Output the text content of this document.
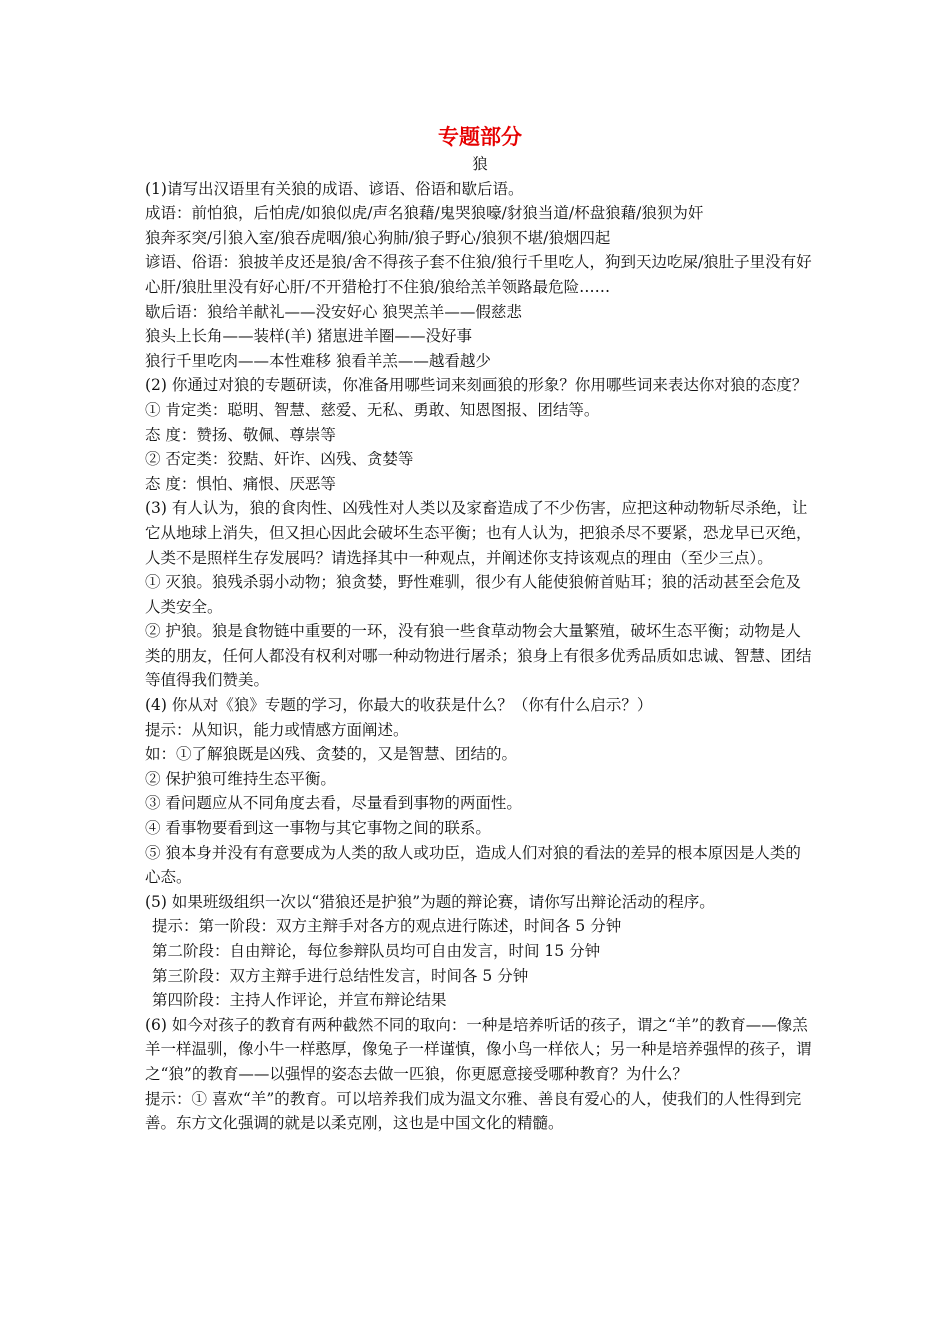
专题部分

狼

(1)请写出汉语里有关狼的成语、谚语、俗语和歇后语。

成语：前怕狼，后怕虎/如狼似虎/声名狼藉/鬼哭狼嚎/豺狼当道/杯盘狼藉/狼狈为奸

狼奔豕突/引狼入室/狼吞虎咽/狼心狗肺/狼子野心/狼狈不堪/狼烟四起

谚语、俗语：狼披羊皮还是狼/舍不得孩子套不住狼/狼行千里吃人，狗到天边吃屎/狼肚子里没有好心肝/狼肚里没有好心肝/不开猎枪打不住狼/狼给羔羊领路最危险……

歇后语：狼给羊献礼——没安好心 狼哭羔羊——假慈悲

狼头上长角——装样(羊) 猪崽进羊圈——没好事

狼行千里吃肉——本性难移 狼看羊羔——越看越少

(2) 你通过对狼的专题研读，你准备用哪些词来刻画狼的形象？你用哪些词来表达你对狼的态度？

① 肯定类：聪明、智慧、慈爱、无私、勇敢、知恩图报、团结等。

态 度：赞扬、敬佩、尊崇等

② 否定类：狡黠、奸诈、凶残、贪婪等

态 度：惧怕、痛恨、厌恶等

(3) 有人认为，狼的食肉性、凶残性对人类以及家畜造成了不少伤害，应把这种动物斩尽杀绝，让它从地球上消失，但又担心因此会破坏生态平衡；也有人认为，把狼杀尽不要紧，恐龙早已灭绝，人类不是照样生存发展吗？请选择其中一种观点，并阐述你支持该观点的理由（至少三点）。

① 灭狼。狼残杀弱小动物；狼贪婪，野性难驯，很少有人能使狼俯首贴耳；狼的活动甚至会危及人类安全。

② 护狼。狼是食物链中重要的一环，没有狼一些食草动物会大量繁殖，破坏生态平衡；动物是人类的朋友，任何人都没有权利对哪一种动物进行屠杀；狼身上有很多优秀品质如忠诚、智慧、团结等值得我们赞美。

(4) 你从对《狼》专题的学习，你最大的收获是什么？（你有什么启示？）

提示：从知识，能力或情感方面阐述。

如：①了解狼既是凶残、贪婪的，又是智慧、团结的。

② 保护狼可维持生态平衡。

③ 看问题应从不同角度去看，尽量看到事物的两面性。

④ 看事物要看到这一事物与其它事物之间的联系。

⑤ 狼本身并没有有意要成为人类的敌人或功臣，造成人们对狼的看法的差异的根本原因是人类的心态。

(5) 如果班级组织一次以“猎狼还是护狼”为题的辩论赛，请你写出辩论活动的程序。

提示：第一阶段：双方主辩手对各方的观点进行陈述，时间各 5 分钟

第二阶段：自由辩论，每位参辩队员均可自由发言，时间 15 分钟

第三阶段：双方主辩手进行总结性发言，时间各 5 分钟

第四阶段：主持人作评论，并宣布辩论结果

(6) 如今对孩子的教育有两种截然不同的取向：一种是培养听话的孩子，谓之“羊”的教育——像羔羊一样温驯，像小牛一样憨厚，像兔子一样谨慎，像小鸟一样依人；另一种是培养强悍的孩子，谓之“狼”的教育——以强悍的姿态去做一匹狼，你更愿意接受哪种教育？为什么？

提示：① 喜欢“羊”的教育。可以培养我们成为温文尔雅、善良有爱心的人，使我们的人性得到完善。东方文化强调的就是以柔克刚，这也是中国文化的精髓。
